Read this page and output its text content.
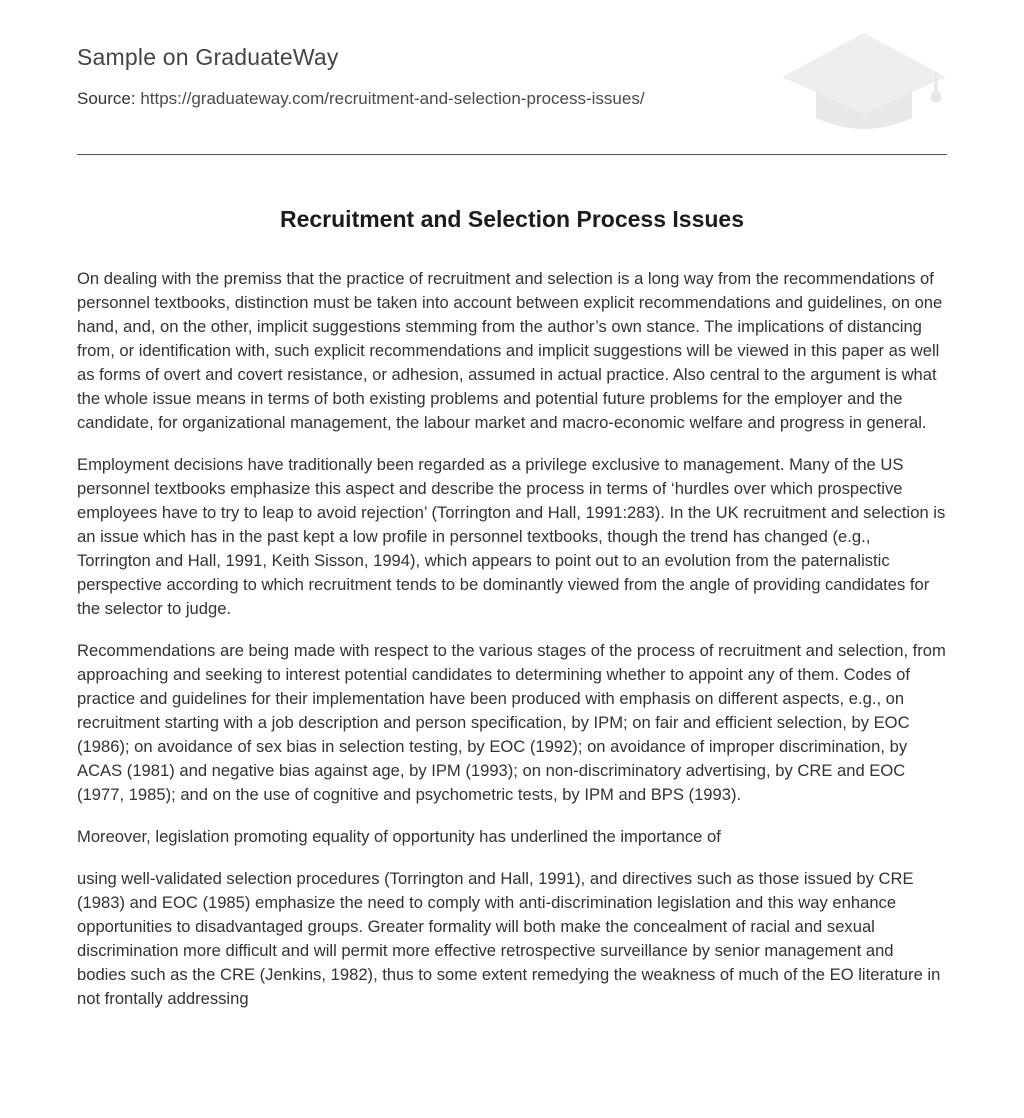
Sample on GraduateWay
Source: https://graduateway.com/recruitment-and-selection-process-issues/
Recruitment and Selection Process Issues

On dealing with the premiss that the practice of recruitment and selection is a long way from the recommendations of personnel textbooks, distinction must be taken into account between explicit recommendations and guidelines, on one hand, and, on the other, implicit suggestions stemming from the author’s own stance. The implications of distancing from, or identification with, such explicit recommendations and implicit suggestions will be viewed in this paper as well as forms of overt and covert resistance, or adhesion, assumed in actual practice. Also central to the argument is what the whole issue means in terms of both existing problems and potential future problems for the employer and the candidate, for organizational management, the labour market and macro-economic welfare and progress in general.

Employment decisions have traditionally been regarded as a privilege exclusive to management. Many of the US personnel textbooks emphasize this aspect and describe the process in terms of ‘hurdles over which prospective employees have to try to leap to avoid rejection’ (Torrington and Hall, 1991:283). In the UK recruitment and selection is an issue which has in the past kept a low profile in personnel textbooks, though the trend has changed (e.g., Torrington and Hall, 1991, Keith Sisson, 1994), which appears to point out to an evolution from the paternalistic perspective according to which recruitment tends to be dominantly viewed from the angle of providing candidates for the selector to judge.

Recommendations are being made with respect to the various stages of the process of recruitment and selection, from approaching and seeking to interest potential candidates to determining whether to appoint any of them. Codes of practice and guidelines for their implementation have been produced with emphasis on different aspects, e.g., on recruitment starting with a job description and person specification, by IPM; on fair and efficient selection, by EOC (1986); on avoidance of sex bias in selection testing, by EOC (1992); on avoidance of improper discrimination, by ACAS (1981) and negative bias against age, by IPM (1993); on non-discriminatory advertising, by CRE and EOC (1977, 1985); and on the use of cognitive and psychometric tests, by IPM and BPS (1993).

Moreover, legislation promoting equality of opportunity has underlined the importance of

using well-validated selection procedures (Torrington and Hall, 1991), and directives such as those issued by CRE (1983) and EOC (1985) emphasize the need to comply with anti-discrimination legislation and this way enhance opportunities to disadvantaged groups. Greater formality will both make the concealment of racial and sexual discrimination more difficult and will permit more effective retrospective surveillance by senior management and bodies such as the CRE (Jenkins, 1982), thus to some extent remedying the weakness of much of the EO literature in not frontally addressing
